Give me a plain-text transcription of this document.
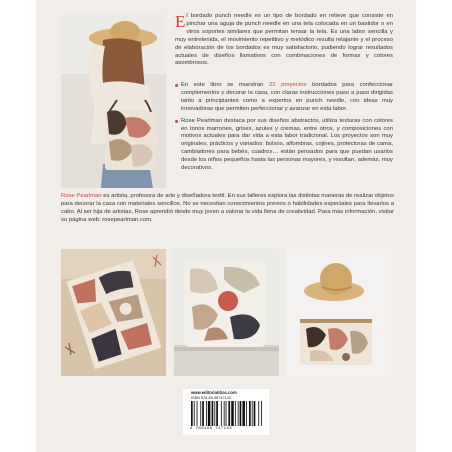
El bordado punch needle es un tipo de bordado en relieve que consiste en pinchar una aguja de punch needle en una tela colocada en un bastidor o en otros soportes similares que permitan tensar la tela. Es una labor sencilla y muy entretenida, el movimiento repetitivo y metódico resulta relajante y el proceso de elaboración de los bordados es muy satisfactorio, pudiendo lograr resultados actuales de diseños llamativos con combinaciones de formas y colores asombrosos.
En este libro se muestran 22 proyectos bordados para confeccionar complementos y decorar la casa, con claras instrucciones paso a paso dirigidas tanto a principiantes como a expertos en punch needle, con ideas muy innovadoras que permiten perfeccionar y avanzar en esta labor.
Rose Pearlman destaca por sus diseños abstractos, utiliza texturas con colores en tonos marrones, grises, azules y cremas, entre otros, y composiciones con motivos actuales para dar vida a esta labor tradicional. Los proyectos son muy originales, prácticos y variados: bolsos, alfombras, cojines, protectoras de cama, cambiadores para bebés, cuadros… están pensados para que puedan usarlos desde los niños pequeños hasta las personas mayores, y resultan, además, muy decorativos.
Rose Pearlman es artista, profesora de arte y diseñadora textil. En sus talleres explora las distintas maneras de realizar objetos para decorar la casa con materiales sencillos. No se necesitan conocimientos previos o habilidades especiales para llevarlos a cabo. Al ser hija de artistas, Rose aprendió desde muy joven a valorar la vida llena de creatividad. Para más información, visitar su página web: rosepearlman.com.
www.editorialdrac.com
ISBN 978-84-98747133
9 788498 747133
